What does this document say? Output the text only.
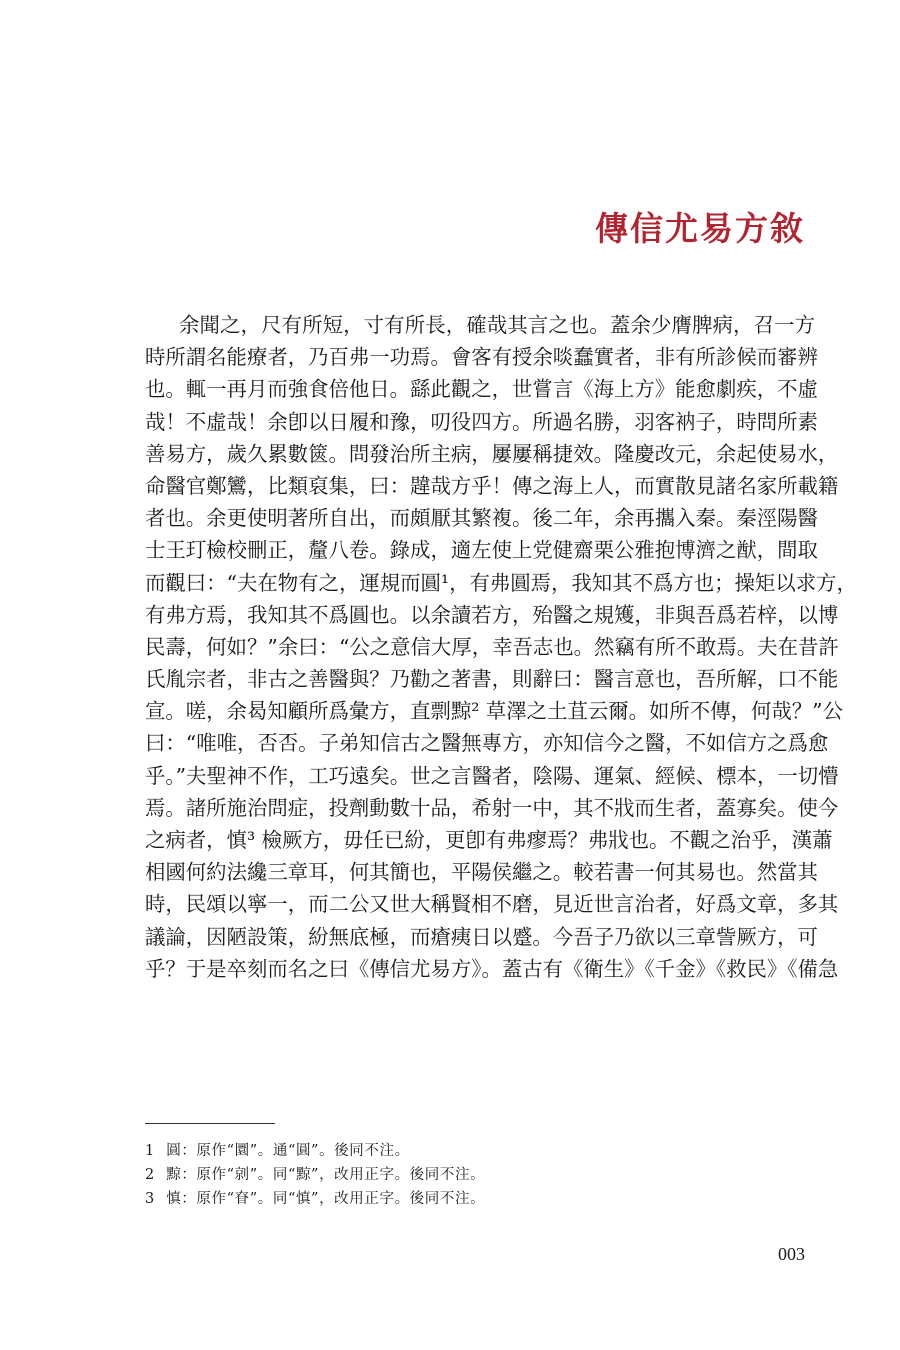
傳信尤易方敘
余聞之，尺有所短，寸有所長，確哉其言之也。蓋余少膺脾病，召一方
時所謂名能療者，乃百弗一功焉。會客有授余啖蠢實者，非有所診候而審辨
也。輒一再月而強食倍他日。繇此觀之，世嘗言《海上方》能愈劇疾，不虛
哉！不虛哉！余卽以日履和豫，叨役四方。所過名勝，羽客衲子，時問所素
善易方，歲久累數篋。問發治所主病，屢屢稱捷效。隆慶改元，余起使易水，
命醫官鄭鸞，比類裒集，曰：韙哉方乎！傳之海上人，而實散見諸名家所載籍
者也。余更使明著所自出，而頗厭其繁複。後二年，余再攜入秦。秦涇陽醫
士王玎檢校刪正，釐八卷。錄成，適左使上党健齋栗公雅抱博濟之猷，間取
而觀曰：“夫在物有之，運規而圓¹，有弗圓焉，我知其不爲方也；操矩以求方，
有弗方焉，我知其不爲圓也。以余讀若方，殆醫之規矱，非與吾爲若梓，以博
民壽，何如？”余曰：“公之意信大厚，幸吾志也。然竊有所不敢焉。夫在昔許
氏胤宗者，非古之善醫與？乃勸之著書，則辭曰：醫言意也，吾所解，口不能
宣。嗟，余曷知顧所爲彙方，直剽黥² 草澤之土苴云爾。如所不傳，何哉？”公
曰：“唯唯，否否。子弟知信古之醫無專方，亦知信今之醫，不如信方之爲愈
乎。”夫聖神不作，工巧遠矣。世之言醫者，陰陽、運氣、經候、標本，一切懵
焉。諸所施治問症，投劑動數十品，希射一中，其不戕而生者，蓋寡矣。使今
之病者，慎³ 檢厥方，毋任已紛，更卽有弗瘳焉？弗戕也。不觀之治乎，漢蕭
相國何約法纔三章耳，何其簡也，平陽侯繼之。較若書一何其易也。然當其
時，民頌以寧一，而二公又世大稱賢相不磨，見近世言治者，好爲文章，多其
議論，因陋設策，紛無底極，而瘡痍日以蹙。今吾子乃欲以三章訾厥方，可
乎？于是卒刻而名之曰《傳信尤易方》。蓋古有《衛生》《千金》《救民》《備急
1 圓：原作“圜”。通“圓”。後同不注。
2 黥：原作“剠”。同“黥”，改用正字。後同不注。
3 慎：原作“眘”。同“慎”，改用正字。後同不注。
003
